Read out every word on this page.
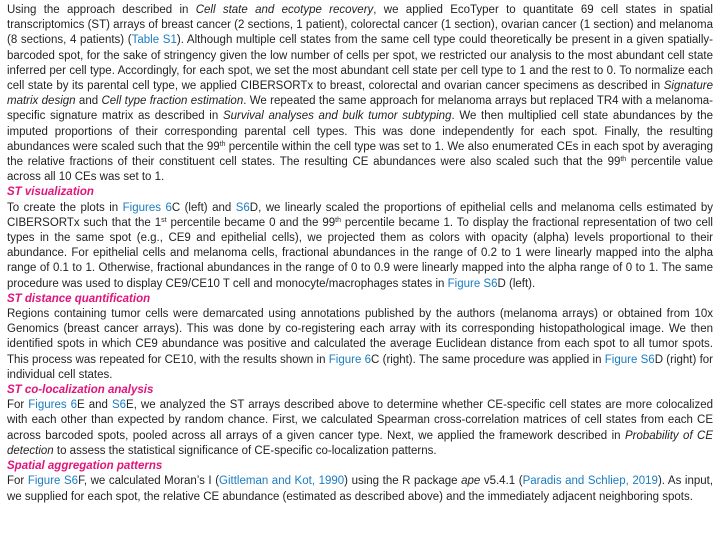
Using the approach described in Cell state and ecotype recovery, we applied EcoTyper to quantitate 69 cell states in spatial transcriptomics (ST) arrays of breast cancer (2 sections, 1 patient), colorectal cancer (1 section), ovarian cancer (1 section) and melanoma (8 sections, 4 patients) (Table S1). Although multiple cell states from the same cell type could theoretically be present in a given spatially-barcoded spot, for the sake of stringency given the low number of cells per spot, we restricted our analysis to the most abundant cell state inferred per cell type. Accordingly, for each spot, we set the most abundant cell state per cell type to 1 and the rest to 0. To normalize each cell state by its parental cell type, we applied CIBERSORTx to breast, colorectal and ovarian cancer specimens as described in Signature matrix design and Cell type fraction estimation. We repeated the same approach for melanoma arrays but replaced TR4 with a melanoma-specific signature matrix as described in Survival analyses and bulk tumor subtyping. We then multiplied cell state abundances by the imputed proportions of their corresponding parental cell types. This was done independently for each spot. Finally, the resulting abundances were scaled such that the 99th percentile within the cell type was set to 1. We also enumerated CEs in each spot by averaging the relative fractions of their constituent cell states. The resulting CE abundances were also scaled such that the 99th percentile value across all 10 CEs was set to 1.

ST visualization

To create the plots in Figures 6C (left) and S6D, we linearly scaled the proportions of epithelial cells and melanoma cells estimated by CIBERSORTx such that the 1st percentile became 0 and the 99th percentile became 1. To display the fractional representation of two cell types in the same spot (e.g., CE9 and epithelial cells), we projected them as colors with opacity (alpha) levels proportional to their abundance. For epithelial cells and melanoma cells, fractional abundances in the range of 0.2 to 1 were linearly mapped into the alpha range of 0.1 to 1. Otherwise, fractional abundances in the range of 0 to 0.9 were linearly mapped into the alpha range of 0 to 1. The same procedure was used to display CE9/CE10 T cell and monocyte/macrophages states in Figure S6D (left).

ST distance quantification

Regions containing tumor cells were demarcated using annotations published by the authors (melanoma arrays) or obtained from 10x Genomics (breast cancer arrays). This was done by co-registering each array with its corresponding histopathological image. We then identified spots in which CE9 abundance was positive and calculated the average Euclidean distance from each spot to all tumor spots. This process was repeated for CE10, with the results shown in Figure 6C (right). The same procedure was applied in Figure S6D (right) for individual cell states.

ST co-localization analysis

For Figures 6E and S6E, we analyzed the ST arrays described above to determine whether CE-specific cell states are more colocalized with each other than expected by random chance. First, we calculated Spearman cross-correlation matrices of cell states from each CE across barcoded spots, pooled across all arrays of a given cancer type. Next, we applied the framework described in Probability of CE detection to assess the statistical significance of CE-specific co-localization patterns.

Spatial aggregation patterns

For Figure S6F, we calculated Moran’s I (Gittleman and Kot, 1990) using the R package ape v5.4.1 (Paradis and Schliep, 2019). As input, we supplied for each spot, the relative CE abundance (estimated as described above) and the immediately adjacent neighboring spots.
